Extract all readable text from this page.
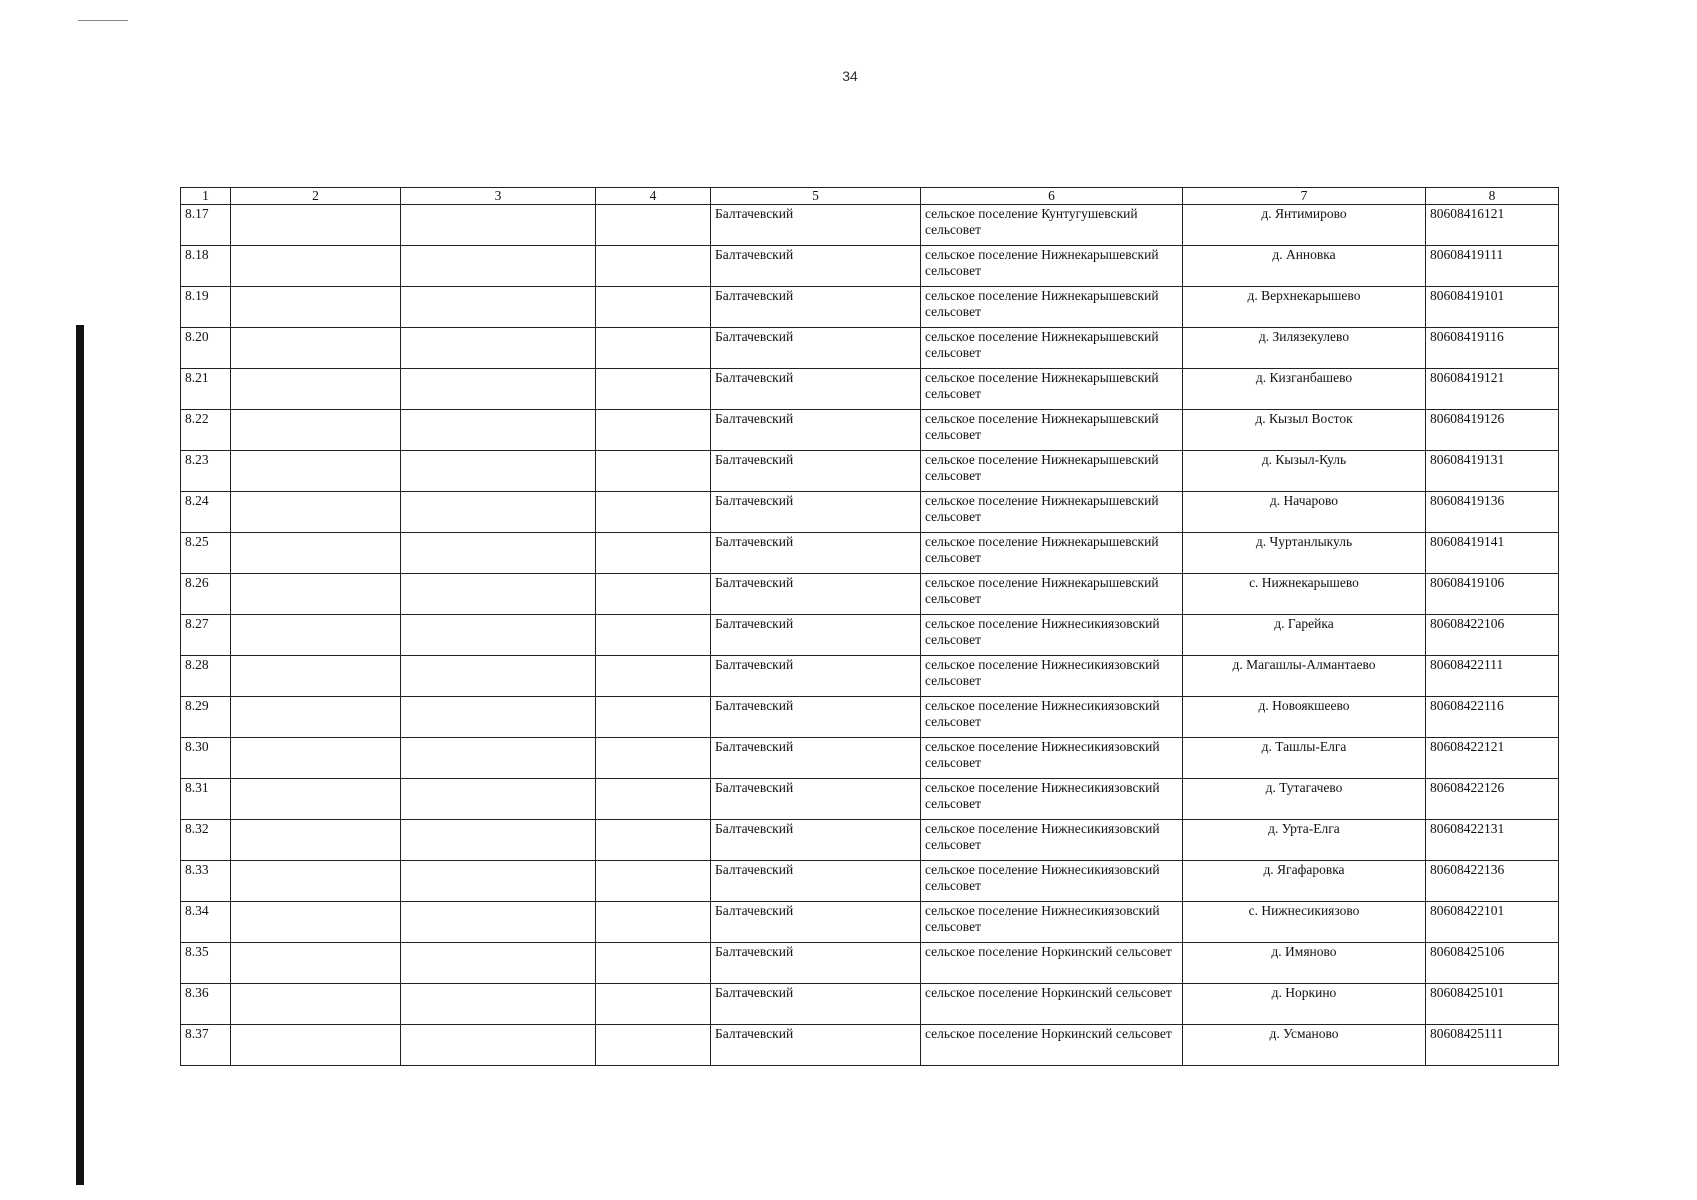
34
1	2	3	4	5	6	7	8
8.17				Балтачевский	сельское поселение Кунтугушевский сельсовет	д. Янтимирово	80608416121
8.18				Балтачевский	сельское поселение Нижнекарышевский сельсовет	д. Анновка	80608419111
8.19				Балтачевский	сельское поселение Нижнекарышевский сельсовет	д. Верхнекарышево	80608419101
8.20				Балтачевский	сельское поселение Нижнекарышевский сельсовет	д. Зилязекулево	80608419116
8.21				Балтачевский	сельское поселение Нижнекарышевский сельсовет	д. Кизганбашево	80608419121
8.22				Балтачевский	сельское поселение Нижнекарышевский сельсовет	д. Кызыл Восток	80608419126
8.23				Балтачевский	сельское поселение Нижнекарышевский сельсовет	д. Кызыл-Куль	80608419131
8.24				Балтачевский	сельское поселение Нижнекарышевский сельсовет	д. Начарово	80608419136
8.25				Балтачевский	сельское поселение Нижнекарышевский сельсовет	д. Чуртанлыкуль	80608419141
8.26				Балтачевский	сельское поселение Нижнекарышевский сельсовет	с. Нижнекарышево	80608419106
8.27				Балтачевский	сельское поселение Нижнесикиязовский сельсовет	д. Гарейка	80608422106
8.28				Балтачевский	сельское поселение Нижнесикиязовский сельсовет	д. Магашлы-Алмантаево	80608422111
8.29				Балтачевский	сельское поселение Нижнесикиязовский сельсовет	д. Новоякшеево	80608422116
8.30				Балтачевский	сельское поселение Нижнесикиязовский сельсовет	д. Ташлы-Елга	80608422121
8.31				Балтачевский	сельское поселение Нижнесикиязовский сельсовет	д. Тутагачево	80608422126
8.32				Балтачевский	сельское поселение Нижнесикиязовский сельсовет	д. Урта-Елга	80608422131
8.33				Балтачевский	сельское поселение Нижнесикиязовский сельсовет	д. Ягафаровка	80608422136
8.34				Балтачевский	сельское поселение Нижнесикиязовский сельсовет	с. Нижнесикиязово	80608422101
8.35				Балтачевский	сельское поселение Норкинский сельсовет	д. Имяново	80608425106
8.36				Балтачевский	сельское поселение Норкинский сельсовет	д. Норкино	80608425101
8.37				Балтачевский	сельское поселение Норкинский сельсовет	д. Усманово	80608425111
